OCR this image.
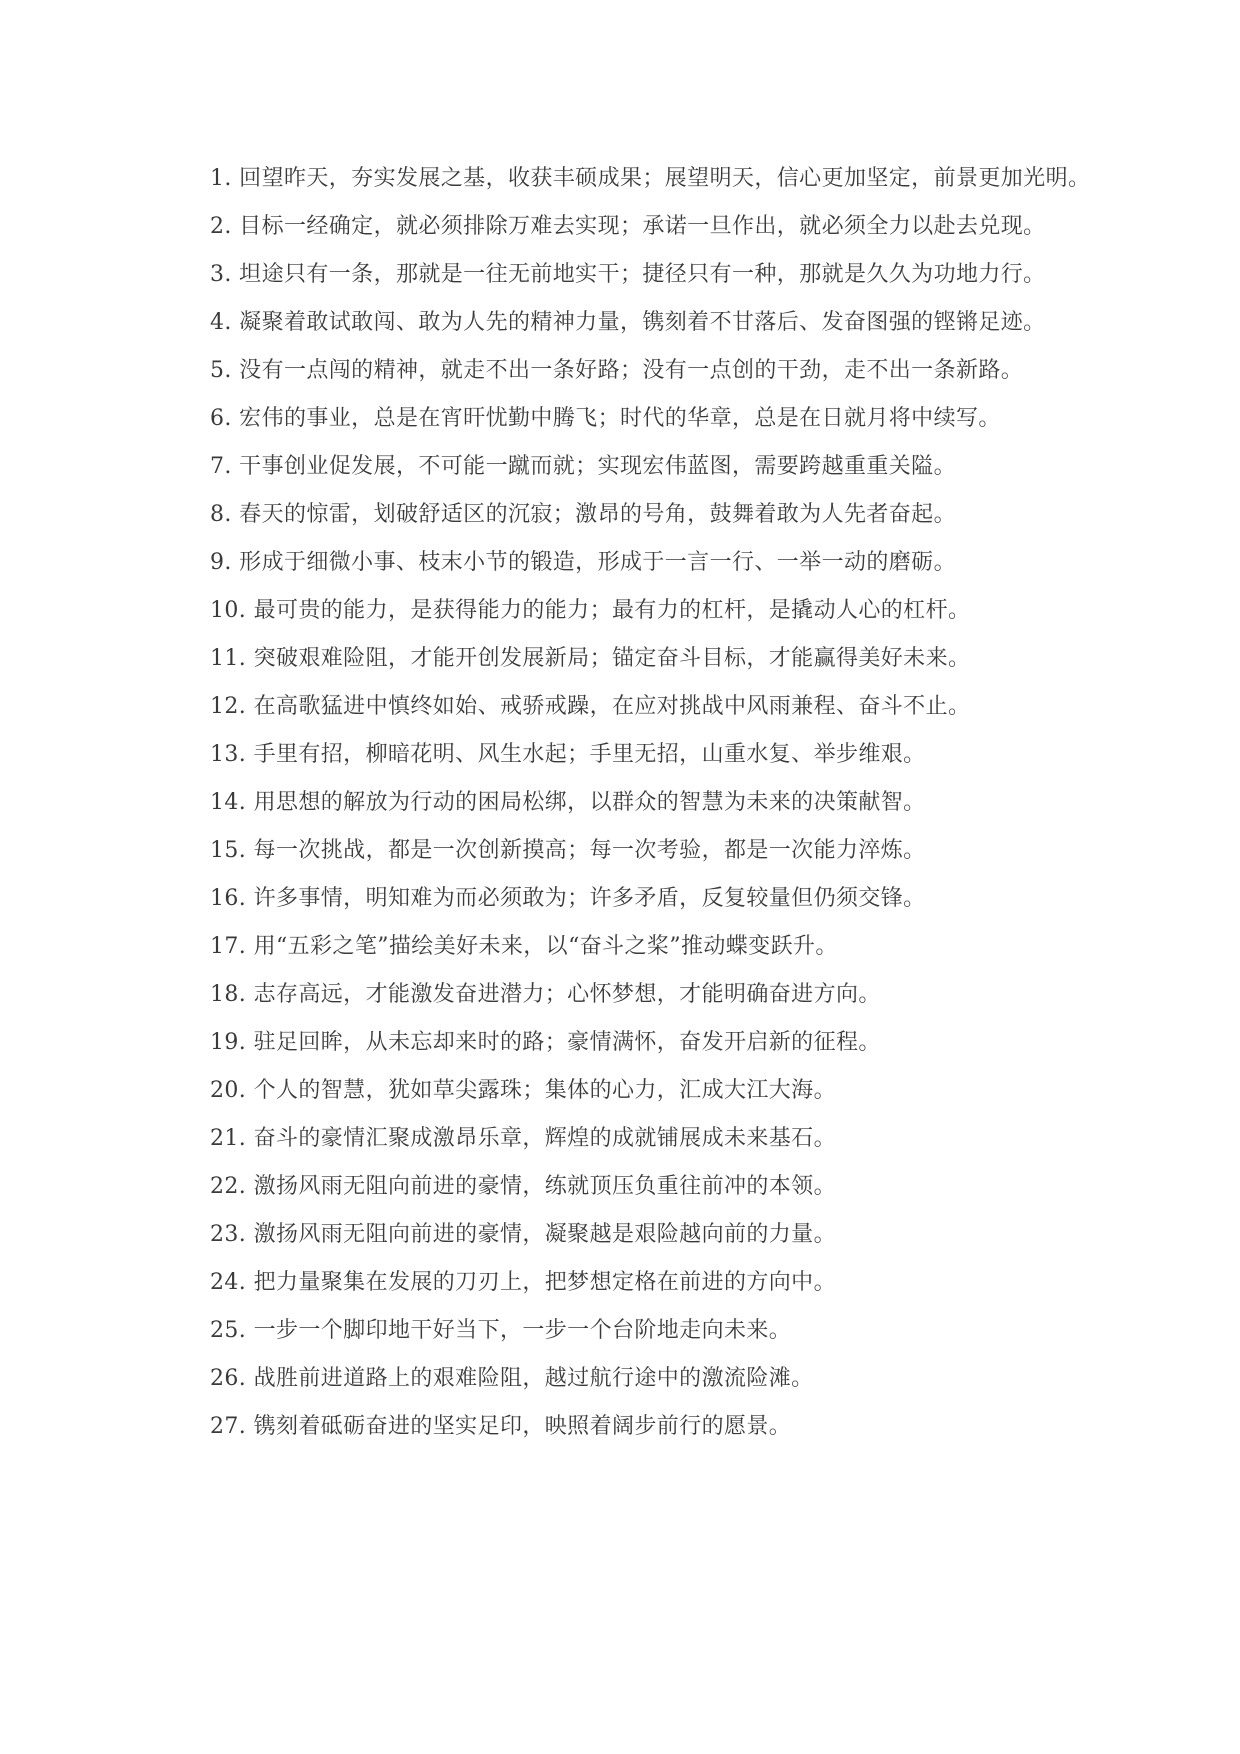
1. 回望昨天，夯实发展之基，收获丰硕成果；展望明天，信心更加坚定，前景更加光明。

2. 目标一经确定，就必须排除万难去实现；承诺一旦作出，就必须全力以赴去兑现。

3. 坦途只有一条，那就是一往无前地实干；捷径只有一种，那就是久久为功地力行。

4. 凝聚着敢试敢闯、敢为人先的精神力量，镌刻着不甘落后、发奋图强的铿锵足迹。

5. 没有一点闯的精神，就走不出一条好路；没有一点创的干劲，走不出一条新路。

6. 宏伟的事业，总是在宵旰忧勤中腾飞；时代的华章，总是在日就月将中续写。

7. 干事创业促发展，不可能一蹴而就；实现宏伟蓝图，需要跨越重重关隘。

8. 春天的惊雷，划破舒适区的沉寂；激昂的号角，鼓舞着敢为人先者奋起。

9. 形成于细微小事、枝末小节的锻造，形成于一言一行、一举一动的磨砺。

10. 最可贵的能力，是获得能力的能力；最有力的杠杆，是撬动人心的杠杆。

11. 突破艰难险阻，才能开创发展新局；锚定奋斗目标，才能赢得美好未来。

12. 在高歌猛进中慎终如始、戒骄戒躁，在应对挑战中风雨兼程、奋斗不止。

13. 手里有招，柳暗花明、风生水起；手里无招，山重水复、举步维艰。

14. 用思想的解放为行动的困局松绑，以群众的智慧为未来的决策献智。

15. 每一次挑战，都是一次创新摸高；每一次考验，都是一次能力淬炼。

16. 许多事情，明知难为而必须敢为；许多矛盾，反复较量但仍须交锋。

17. 用“五彩之笔”描绘美好未来，以“奋斗之桨”推动蝶变跃升。

18. 志存高远，才能激发奋进潜力；心怀梦想，才能明确奋进方向。

19. 驻足回眸，从未忘却来时的路；豪情满怀，奋发开启新的征程。

20. 个人的智慧，犹如草尖露珠；集体的心力，汇成大江大海。

21. 奋斗的豪情汇聚成激昂乐章，辉煌的成就铺展成未来基石。

22. 激扬风雨无阻向前进的豪情，练就顶压负重往前冲的本领。

23. 激扬风雨无阻向前进的豪情，凝聚越是艰险越向前的力量。

24. 把力量聚集在发展的刀刃上，把梦想定格在前进的方向中。

25. 一步一个脚印地干好当下，一步一个台阶地走向未来。

26. 战胜前进道路上的艰难险阻，越过航行途中的激流险滩。

27. 镌刻着砥砺奋进的坚实足印，映照着阔步前行的愿景。
